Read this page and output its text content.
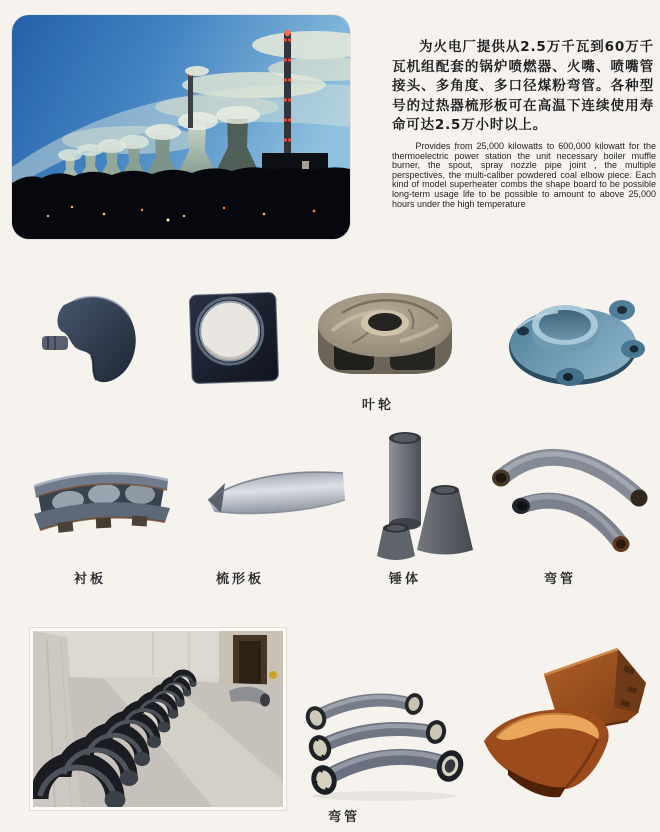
为火电厂提供从2.5万千瓦到60万千瓦机组配套的锅炉喷燃器、火嘴、喷嘴管接头、多角度、多口径煤粉弯管。各种型号的过热器梳形板可在高温下连续使用寿命可达2.5万小时以上。

Provides from 25,000 kilowatts to 600,000 kilowatt for the thermoelectric power station the unit necessary boiler muffle burner, the spout, spray nozzle pipe joint , the multiple perspectives, the multi-caliber powdered coal elbow piece. Each kind of model superheater combs the shape board to be possible long-term usage life to be possible to amount to above 25,000 hours under the high temperature

叶轮
衬板	梳形板	锤体	弯管
弯管
